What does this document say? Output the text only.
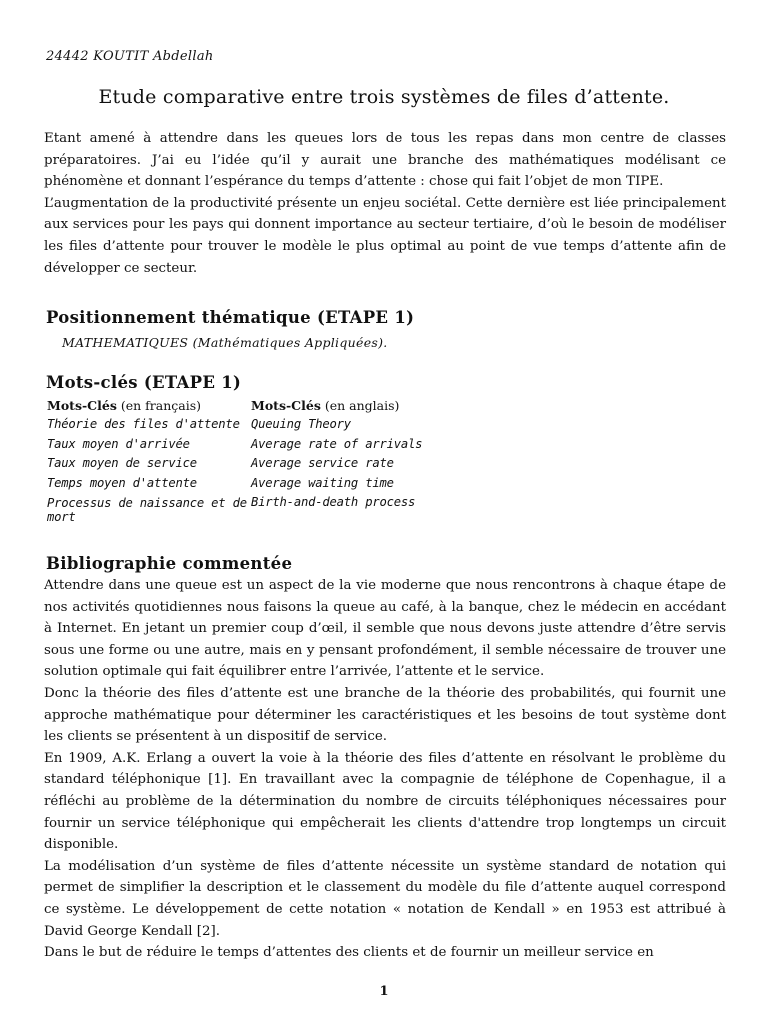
24442 KOUTIT Abdellah
Etude comparative entre trois systèmes de files d’attente.

Etant amené à attendre dans les queues lors de tous les repas dans mon centre de classes préparatoires. J’ai eu l’idée qu’il y aurait une branche des mathématiques modélisant ce phénomène et donnant l’espérance du temps d’attente : chose qui fait l’objet de mon TIPE.

L’augmentation de la productivité présente un enjeu sociétal. Cette dernière est liée principalement aux services pour les pays qui donnent importance au secteur tertiaire, d’où le besoin de modéliser les files d’attente pour trouver le modèle le plus optimal au point de vue temps d’attente afin de développer ce secteur.

Positionnement thématique (ETAPE 1)
MATHEMATIQUES (Mathématiques Appliquées).
Mots-clés (ETAPE 1)
Mots-Clés (en français)	Mots-Clés (en anglais)
Théorie des files d'attente	Queuing Theory
Taux moyen d'arrivée	Average rate of arrivals
Taux moyen de service	Average service rate
Temps moyen d'attente	Average waiting time
Processus de naissance et de mort	Birth-and-death process
Bibliographie commentée

Attendre dans une queue est un aspect de la vie moderne que nous rencontrons à chaque étape de nos activités quotidiennes nous faisons la queue au café, à la banque, chez le médecin en accédant à Internet. En jetant un premier coup d’œil, il semble que nous devons juste attendre d’être servis sous une forme ou une autre, mais en y pensant profondément, il semble nécessaire de trouver une solution optimale qui fait équilibrer entre l’arrivée, l’attente et le service.

Donc la théorie des files d’attente est une branche de la théorie des probabilités, qui fournit une approche mathématique pour déterminer les caractéristiques et les besoins de tout système dont les clients se présentent à un dispositif de service.

En 1909, A.K. Erlang a ouvert la voie à la théorie des files d’attente en résolvant le problème du standard téléphonique [1]. En travaillant avec la compagnie de téléphone de Copenhague, il a réfléchi au problème de la détermination du nombre de circuits téléphoniques nécessaires pour fournir un service téléphonique qui empêcherait les clients d'attendre trop longtemps un circuit disponible.

La modélisation d’un système de files d’attente nécessite un système standard de notation qui permet de simplifier la description et le classement du modèle du file d’attente auquel correspond ce système. Le développement de cette notation « notation de Kendall » en 1953 est attribué à David George Kendall [2].

Dans le but de réduire le temps d’attentes des clients et de fournir un meilleur service en

1
